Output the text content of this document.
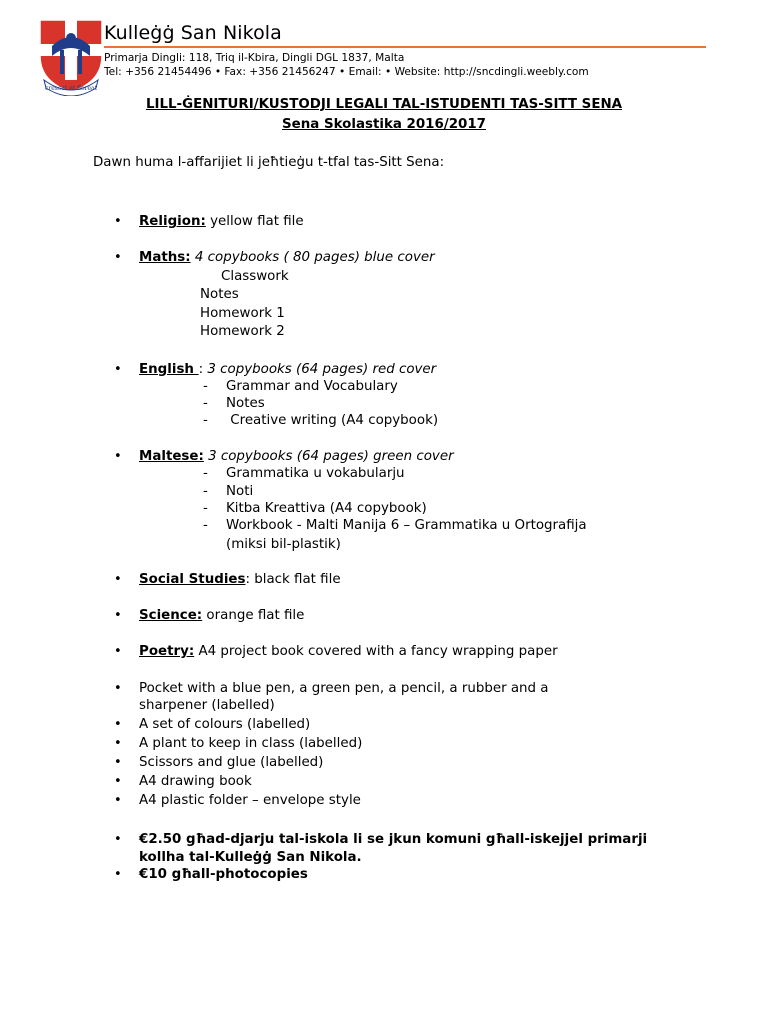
crescat et floreat
Kulleġġ San Nikola
Primarja Dingli: 118, Triq il-Kbira, Dingli DGL 1837, Malta
Tel: +356 21454496 • Fax: +356 21456247 • Email: • Website: http://sncdingli.weebly.com
LILL-ĠENITURI/KUSTODJI LEGALI TAL-ISTUDENTI TAS-SITT SENA
Sena Skolastika 2016/2017
Dawn huma l-affarijiet li jeħtieġu t-tfal tas-Sitt Sena:
• Religion: yellow flat file
• Maths: 4 copybooks ( 80 pages) blue cover
Classwork
Notes
Homework 1
Homework 2
• English : 3 copybooks (64 pages) red cover
- Grammar and Vocabulary
- Notes
- Creative writing (A4 copybook)
• Maltese: 3 copybooks (64 pages) green cover
- Grammatika u vokabularju
- Noti
- Kitba Kreattiva (A4 copybook)
- Workbook - Malti Manija 6 – Grammatika u Ortografija
(miksi bil-plastik)
• Social Studies: black flat file
• Science: orange flat file
• Poetry: A4 project book covered with a fancy wrapping paper
• Pocket with a blue pen, a green pen, a pencil, a rubber and a
sharpener (labelled)
• A set of colours (labelled)
• A plant to keep in class (labelled)
• Scissors and glue (labelled)
• A4 drawing book
• A4 plastic folder – envelope style
• €2.50 għad-djarju tal-iskola li se jkun komuni għall-iskejjel primarji
kollha tal-Kulleġġ San Nikola.
• €10 għall-photocopies
